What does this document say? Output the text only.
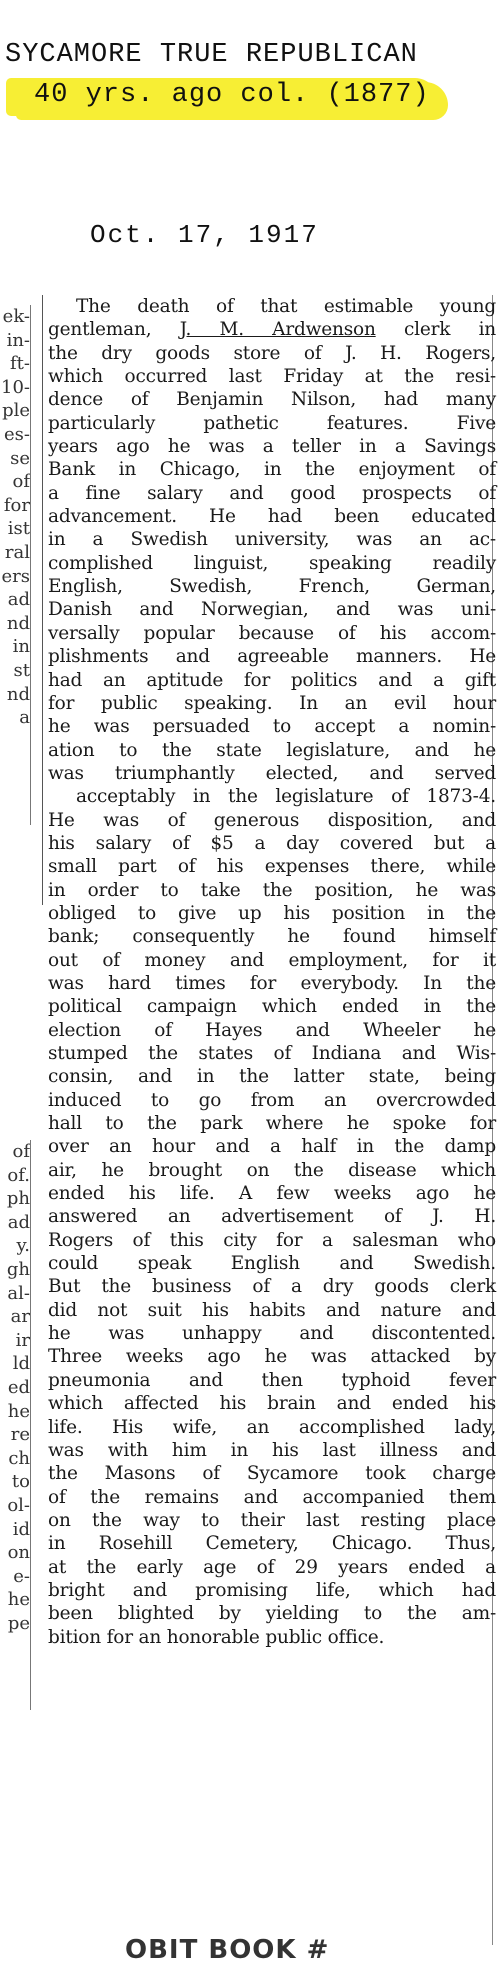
SYCAMORE TRUE REPUBLICAN
40 yrs. ago col. (1877)
Oct. 17, 1917
ek-
in-
ft-
10-
ple
es-
se
of
for
ist
ral
ers
ad
nd
in
st
nd
a
of
of.
ph
ad
y.
gh
al-
ar
ir
ld
ed
he
re
ch
to
ol-
id
on
e-
he
pe
The death of that estimable young
gentleman, J. M. Ardwenson clerk in
the dry goods store of J. H. Rogers,
which occurred last Friday at the resi-
dence of Benjamin Nilson, had many
particularly pathetic features. Five
years ago he was a teller in a Savings
Bank in Chicago, in the enjoyment of
a fine salary and good prospects of
advancement. He had been educated
in a Swedish university, was an ac-
complished linguist, speaking readily
English, Swedish, French, German,
Danish and Norwegian, and was uni-
versally popular because of his accom-
plishments and agreeable manners. He
had an aptitude for politics and a gift
for public speaking. In an evil hour
he was persuaded to accept a nomin-
ation to the state legislature, and he
was triumphantly elected, and served
acceptably in the legislature of 1873-4.
He was of generous disposition, and
his salary of $5 a day covered but a
small part of his expenses there, while
in order to take the position, he was
obliged to give up his position in the
bank; consequently he found himself
out of money and employment, for it
was hard times for everybody. In the
political campaign which ended in the
election of Hayes and Wheeler he
stumped the states of Indiana and Wis-
consin, and in the latter state, being
induced to go from an overcrowded
hall to the park where he spoke for
over an hour and a half in the damp
air, he brought on the disease which
ended his life. A few weeks ago he
answered an advertisement of J. H.
Rogers of this city for a salesman who
could speak English and Swedish.
But the business of a dry goods clerk
did not suit his habits and nature and
he was unhappy and discontented.
Three weeks ago he was attacked by
pneumonia and then typhoid fever
which affected his brain and ended his
life. His wife, an accomplished lady,
was with him in his last illness and
the Masons of Sycamore took charge
of the remains and accompanied them
on the way to their last resting place
in Rosehill Cemetery, Chicago. Thus,
at the early age of 29 years ended a
bright and promising life, which had
been blighted by yielding to the am-
bition for an honorable public office.
OBIT BOOK #
